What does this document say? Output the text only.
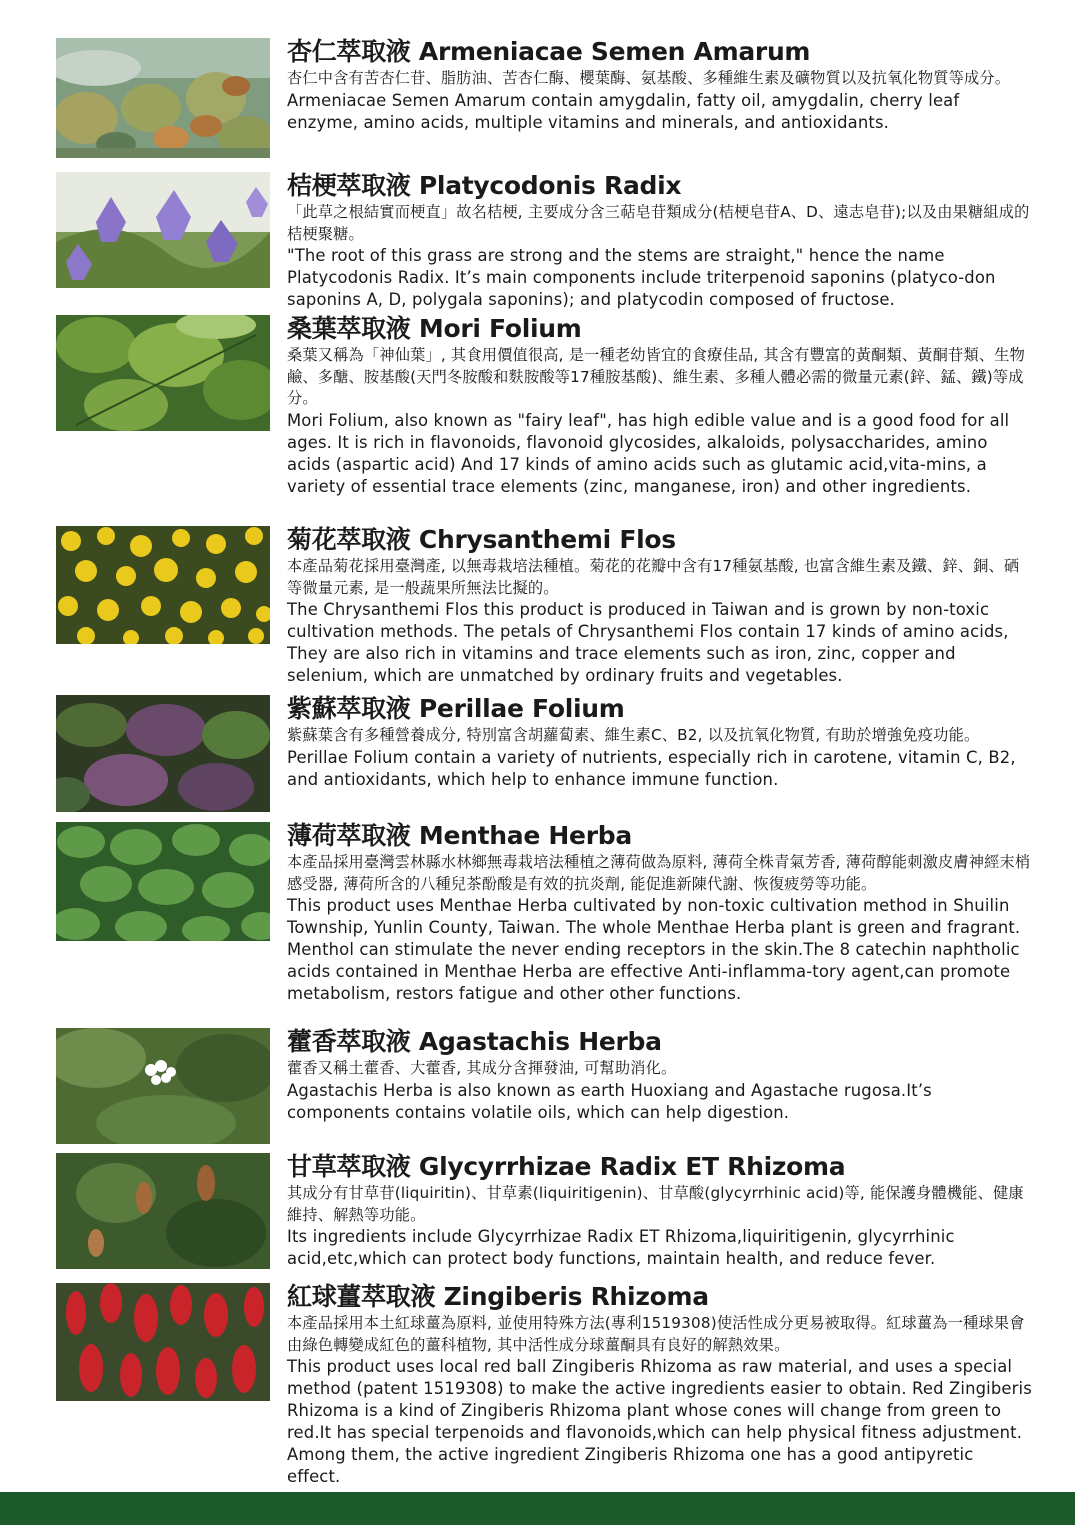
杏仁萃取液 Armeniacae Semen Amarum

杏仁中含有苦杏仁苷、脂肪油、苦杏仁酶、櫻葉酶、氨基酸、多種維生素及礦物質以及抗氧化物質等成分。

Armeniacae Semen Amarum contain amygdalin, fatty oil, amygdalin, cherry leaf enzyme, amino acids, multiple vitamins and minerals, and antioxidants.

桔梗萃取液 Platycodonis Radix

「此草之根結實而梗直」故名桔梗, 主要成分含三萜皂苷類成分(桔梗皂苷A、D、遠志皂苷);以及由果糖組成的桔梗聚糖。

"The root of this grass are strong and the stems are straight," hence the name Platycodonis Radix. It’s main components include triterpenoid saponins (platyco-don saponins A, D, polygala saponins); and platycodin composed of fructose.

桑葉萃取液 Mori Folium

桑葉又稱為「神仙葉」, 其食用價值很高, 是一種老幼皆宜的食療佳品, 其含有豐富的黃酮類、黃酮苷類、生物鹼、多醣、胺基酸(天門冬胺酸和麩胺酸等17種胺基酸)、維生素、多種人體必需的微量元素(鋅、錳、鐵)等成分。

Mori Folium, also known as "fairy leaf", has high edible value and is a good food for all ages. It is rich in flavonoids, flavonoid glycosides, alkaloids, polysaccharides, amino acids (aspartic acid) And 17 kinds of amino acids such as glutamic acid,vita-mins, a variety of essential trace elements (zinc, manganese, iron) and other ingredients.

菊花萃取液 Chrysanthemi Flos

本產品菊花採用臺灣產, 以無毒栽培法種植。菊花的花瓣中含有17種氨基酸, 也富含維生素及鐵、鋅、銅、硒等微量元素, 是一般蔬果所無法比擬的。

The Chrysanthemi Flos this product is produced in Taiwan and is grown by non-toxic cultivation methods. The petals of Chrysanthemi Flos contain 17 kinds of amino acids, They are also rich in vitamins and trace elements such as iron, zinc, copper and selenium, which are unmatched by ordinary fruits and vegetables.

紫蘇萃取液 Perillae Folium

紫蘇葉含有多種營養成分, 特別富含胡蘿蔔素、維生素C、B2, 以及抗氧化物質, 有助於增強免疫功能。

Perillae Folium contain a variety of nutrients, especially rich in carotene, vitamin C, B2, and antioxidants, which help to enhance immune function.

薄荷萃取液 Menthae Herba

本產品採用臺灣雲林縣水林鄉無毒栽培法種植之薄荷做為原料, 薄荷全株青氣芳香, 薄荷醇能刺激皮膚神經末梢感受器, 薄荷所含的八種兒茶酚酸是有效的抗炎劑, 能促進新陳代謝、恢復疲勞等功能。

This product uses Menthae Herba cultivated by non-toxic cultivation method in Shuilin Township, Yunlin County, Taiwan. The whole Menthae Herba plant is green and fragrant. Menthol can stimulate the never ending receptors in the skin.The 8 catechin naphtholic acids contained in Menthae Herba are effective Anti-inflamma-tory agent,can promote metabolism, restors fatigue and other other functions.

藿香萃取液 Agastachis Herba

藿香又稱土藿香、大藿香, 其成分含揮發油, 可幫助消化。

Agastachis Herba is also known as earth Huoxiang and Agastache rugosa.It’s components contains volatile oils, which can help digestion.

甘草萃取液 Glycyrrhizae Radix ET Rhizoma

其成分有甘草苷(liquiritin)、甘草素(liquiritigenin)、甘草酸(glycyrrhinic acid)等, 能保護身體機能、健康維持、解熱等功能。

Its ingredients include Glycyrrhizae Radix ET Rhizoma,liquiritigenin, glycyrrhinic acid,etc,which can protect body functions, maintain health, and reduce fever.

紅球薑萃取液 Zingiberis Rhizoma

本產品採用本土紅球薑為原料, 並使用特殊方法(專利1519308)使活性成分更易被取得。紅球薑為一種球果會由綠色轉變成紅色的薑科植物, 其中活性成分球薑酮具有良好的解熱效果。

This product uses local red ball Zingiberis Rhizoma as raw material, and uses a special method (patent 1519308) to make the active ingredients easier to obtain. Red Zingiberis Rhizoma is a kind of Zingiberis Rhizoma plant whose cones will change from green to red.It has special terpenoids and flavonoids,which can help physical fitness adjustment. Among them, the active ingredient Zingiberis Rhizoma one has a good antipyretic effect.
